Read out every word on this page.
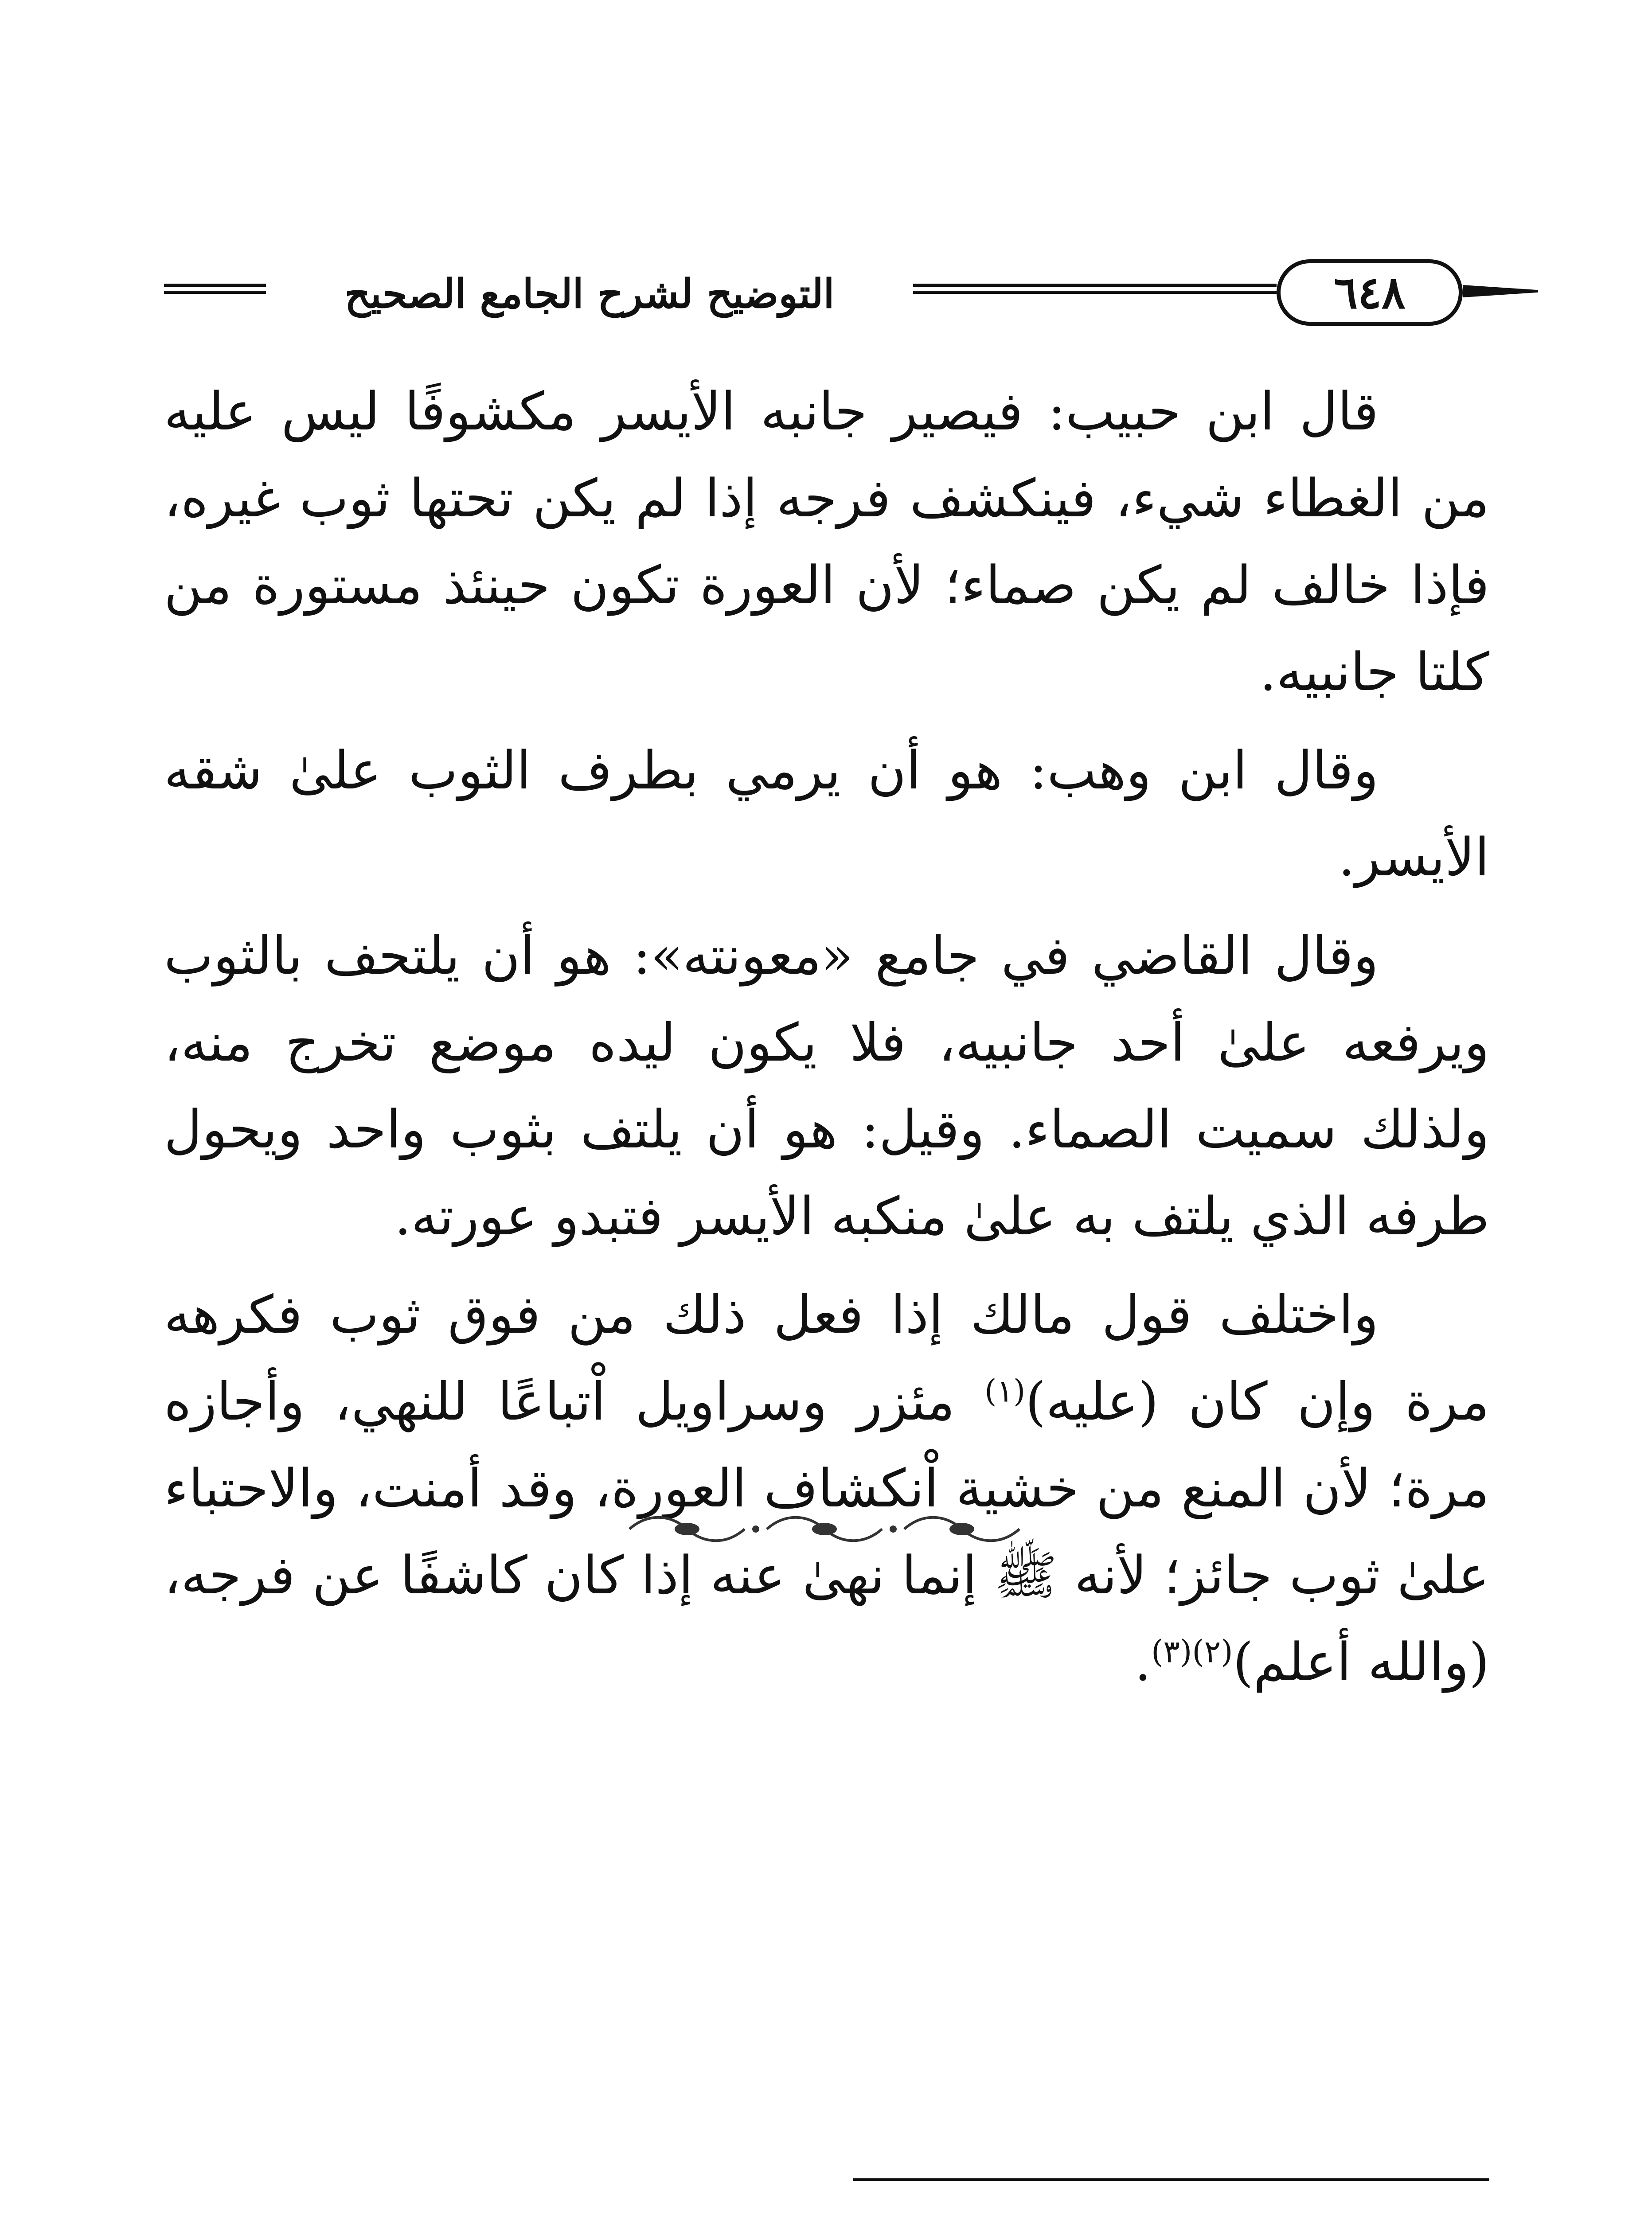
التوضيح لشرح الجامع الصحيح	٦٤٨

قال ابن حبيب: فيصير جانبه الأيسر مكشوفًا ليس عليه من الغطاء شيء، فينكشف فرجه إذا لم يكن تحتها ثوب غيره، فإذا خالف لم يكن صماء؛ لأن العورة تكون حينئذ مستورة من كلتا جانبيه.

وقال ابن وهب: هو أن يرمي بطرف الثوب علىٰ شقه الأيسر.

وقال القاضي في جامع «معونته»: هو أن يلتحف بالثوب ويرفعه علىٰ أحد جانبيه، فلا يكون ليده موضع تخرج منه، ولذلك سميت الصماء. وقيل: هو أن يلتف بثوب واحد ويحول طرفه الذي يلتف به علىٰ منكبه الأيسر فتبدو عورته.

واختلف قول مالك إذا فعل ذلك من فوق ثوب فكرهه مرة وإن كان (عليه)$^{(١)}$ مئزر وسراويل اْتباعًا للنهي، وأجازه مرة؛ لأن المنع من خشية اْنكشاف العورة، وقد أمنت، والاحتباء علىٰ ثوب جائز؛ لأنه ﷺ إنما نهىٰ عنه إذا كان كاشفًا عن فرجه، (والله أعلم)$^{(٢)(٣)}$.
